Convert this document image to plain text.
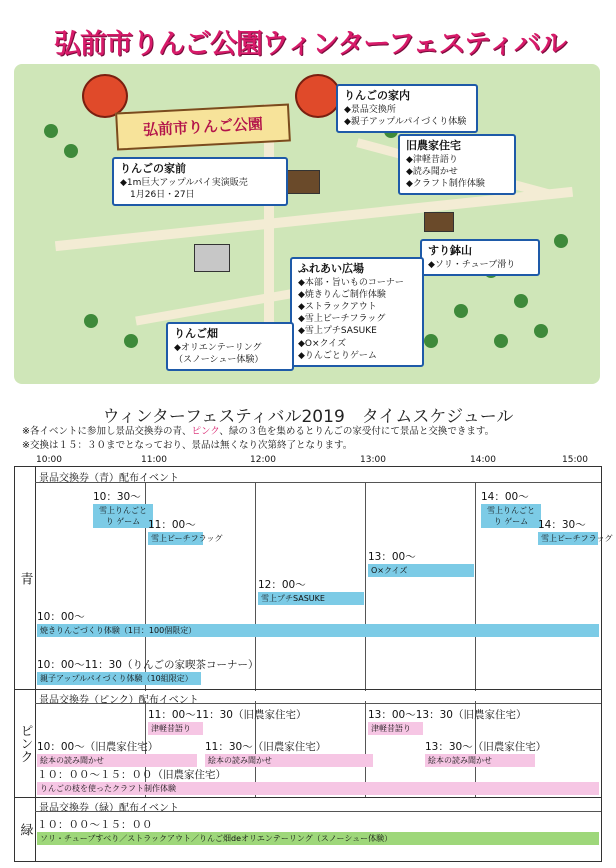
弘前市りんご公園ウィンターフェスティバル
弘前市りんご公園
りんごの家内
◆景品交換所
◆親子アップルパイづくり体験
旧農家住宅
◆津軽昔語り
◆読み聞かせ
◆クラフト制作体験
りんごの家前
◆1m巨大アップルパイ実演販売
1月26日・27日
すり鉢山
◆ソリ・チューブ滑り
ふれあい広場
◆本部・旨いものコーナー
◆焼きりんご制作体験
◆ストラックアウト
◆雪上ビーチフラッグ
◆雪上プチSASUKE
◆O×クイズ
◆りんごとりゲーム
りんご畑
◆オリエンテーリング
（スノーシュー体験）
ウィンターフェスティバル2019　タイムスケジュール
※各イベントに参加し景品交換券の青、ピンク、緑の３色を集めるとりんごの家受付にて景品と交換できます。
※交換は１５：３０までとなっており、景品は無くなり次第終了となります。
10:00	11:00	12:00	13:00	14:00	15:00
青
景品交換券（青）配布イベント
10：30～
雪上りんごとり ゲーム 11：00～
雪上ビーチフラッグ
12：00～
雪上プチSASUKE
13：00～
O×クイズ
14：00～
雪上りんごとり ゲーム 14：30～
雪上ビーチフラッグ
10：00～
焼きりんごづくり体験（1日：100個限定）
10：00～11：30（りんごの家喫茶コーナー）
親子アップルパイづくり体験（10組限定）
ピンク
景品交換券（ピンク）配布イベント
11：00～11：30（旧農家住宅）
津軽昔語り
13：00～13：30（旧農家住宅）
津軽昔語り
10：00～（旧農家住宅）
絵本の読み聞かせ
11：30～（旧農家住宅）
絵本の読み聞かせ
13：30～（旧農家住宅）
絵本の読み聞かせ
１０：００～１５：００（旧農家住宅）
りんごの枝を使ったクラフト制作体験
緑
景品交換券（緑）配布イベント
１０：００～１５：００
ソリ・チューブすべり／ストラックアウト／りんご畑deオリエンテーリング（スノーシュー体験）
